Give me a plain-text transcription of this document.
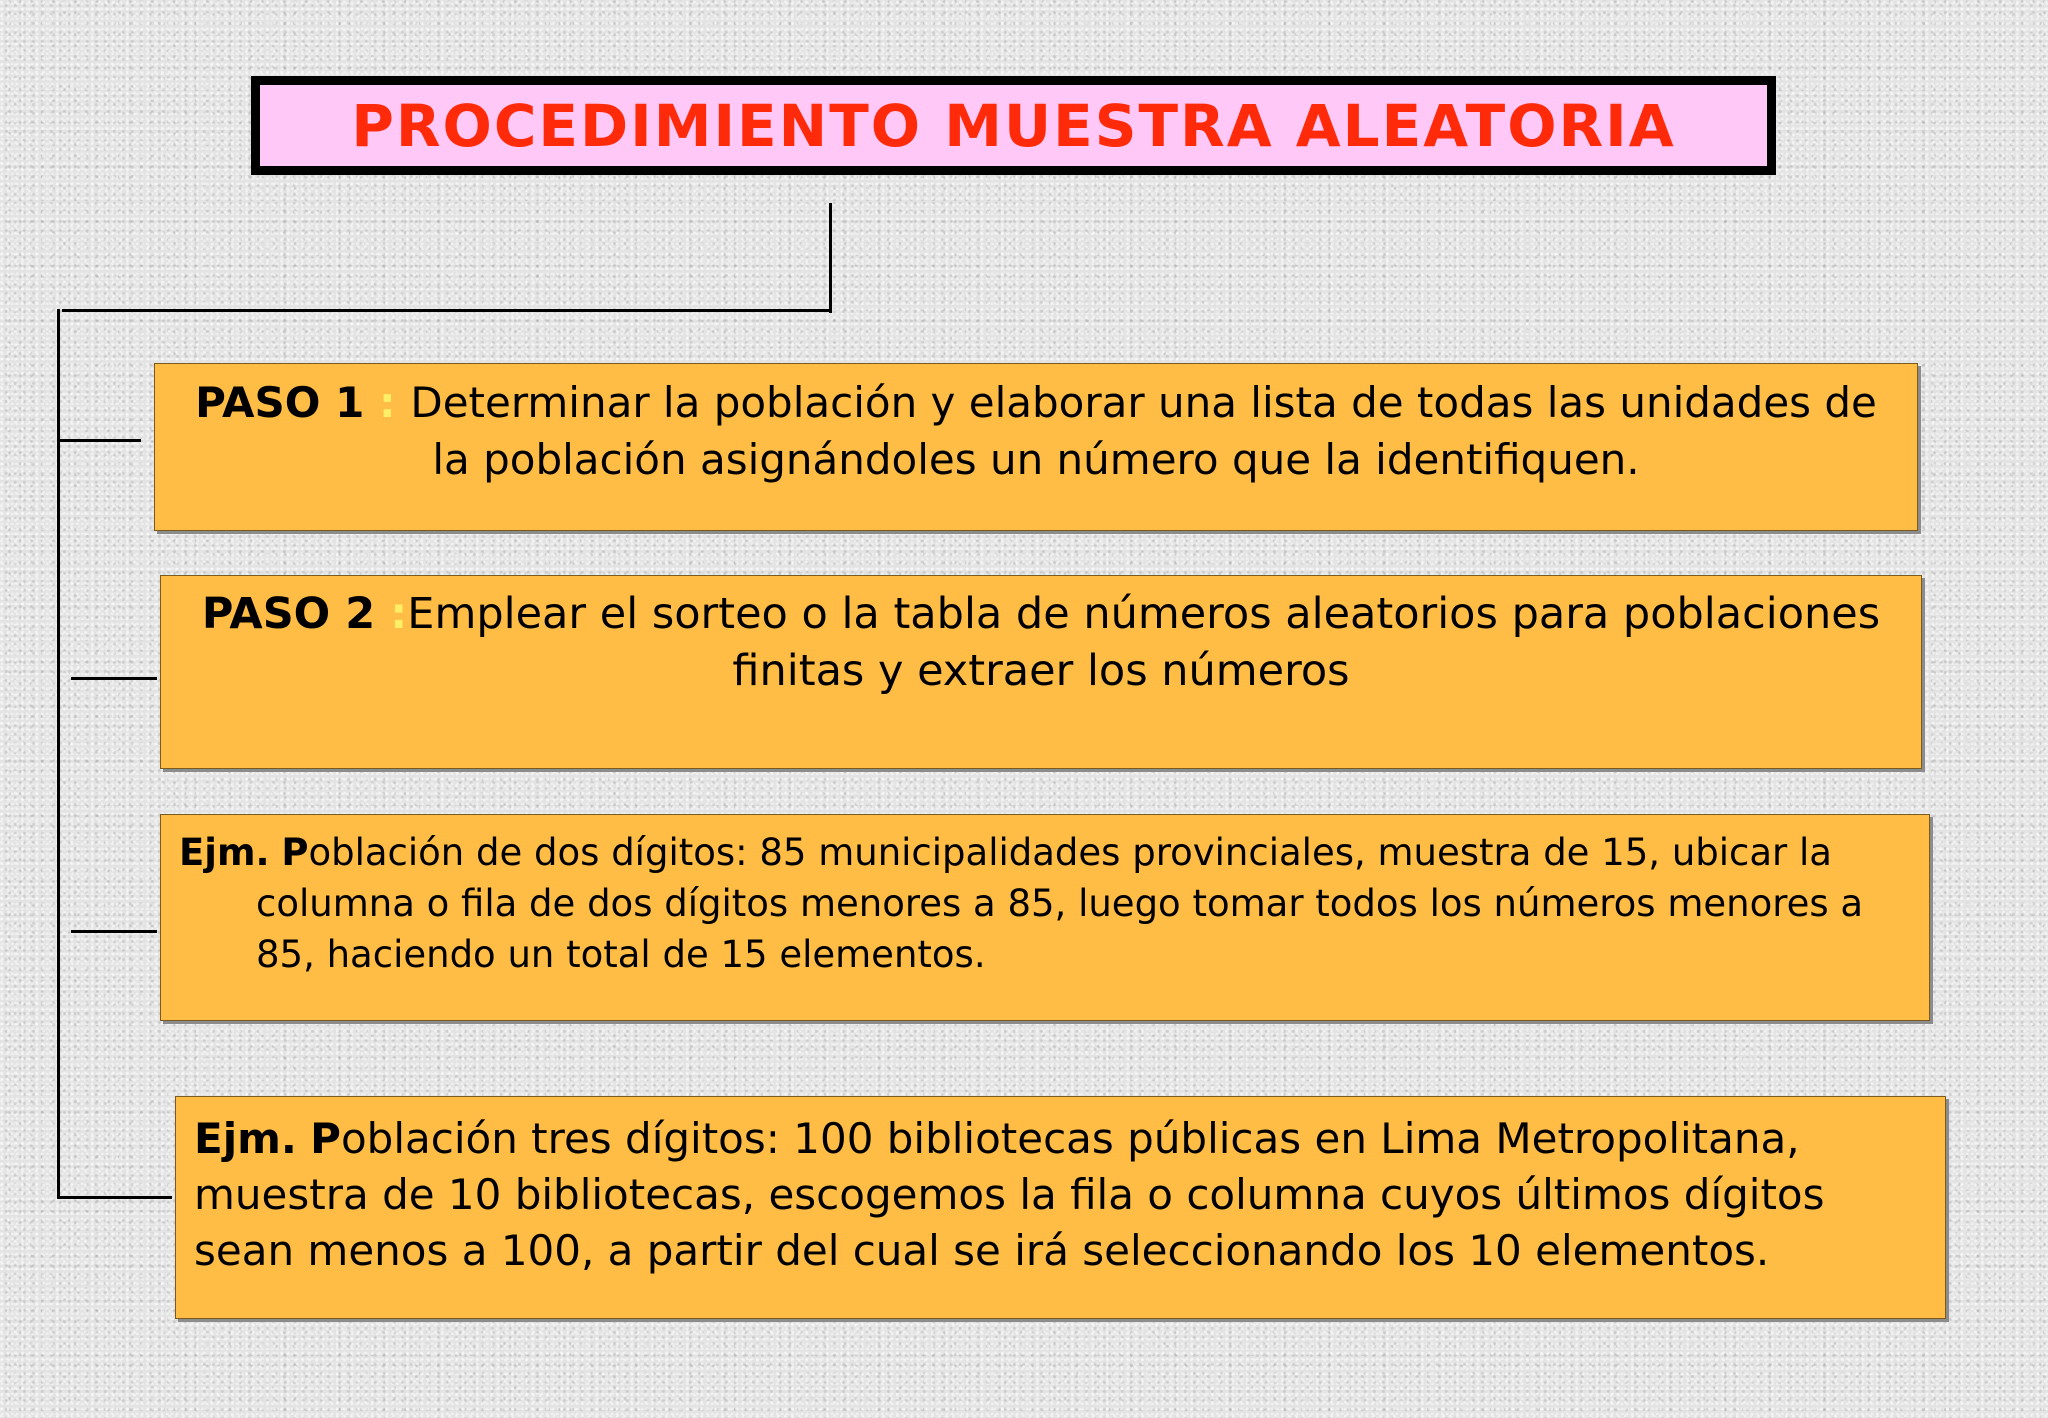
PROCEDIMIENTO MUESTRA ALEATORIA
PASO 1 : Determinar la población y elaborar una lista de todas las unidades de la población asignándoles un número que la identifiquen.
PASO 2 :Emplear el sorteo o la tabla de números aleatorios para poblaciones finitas y extraer los números
Ejm. Población de dos dígitos: 85 municipalidades provinciales, muestra de 15, ubicar la columna o fila de dos dígitos menores a 85, luego tomar todos los números menores a 85, haciendo un total de 15 elementos.
Ejm. Población tres dígitos: 100 bibliotecas públicas en Lima Metropolitana, muestra de 10 bibliotecas, escogemos la fila o columna cuyos últimos dígitos sean menos a 100, a partir del cual se irá seleccionando los 10 elementos.
